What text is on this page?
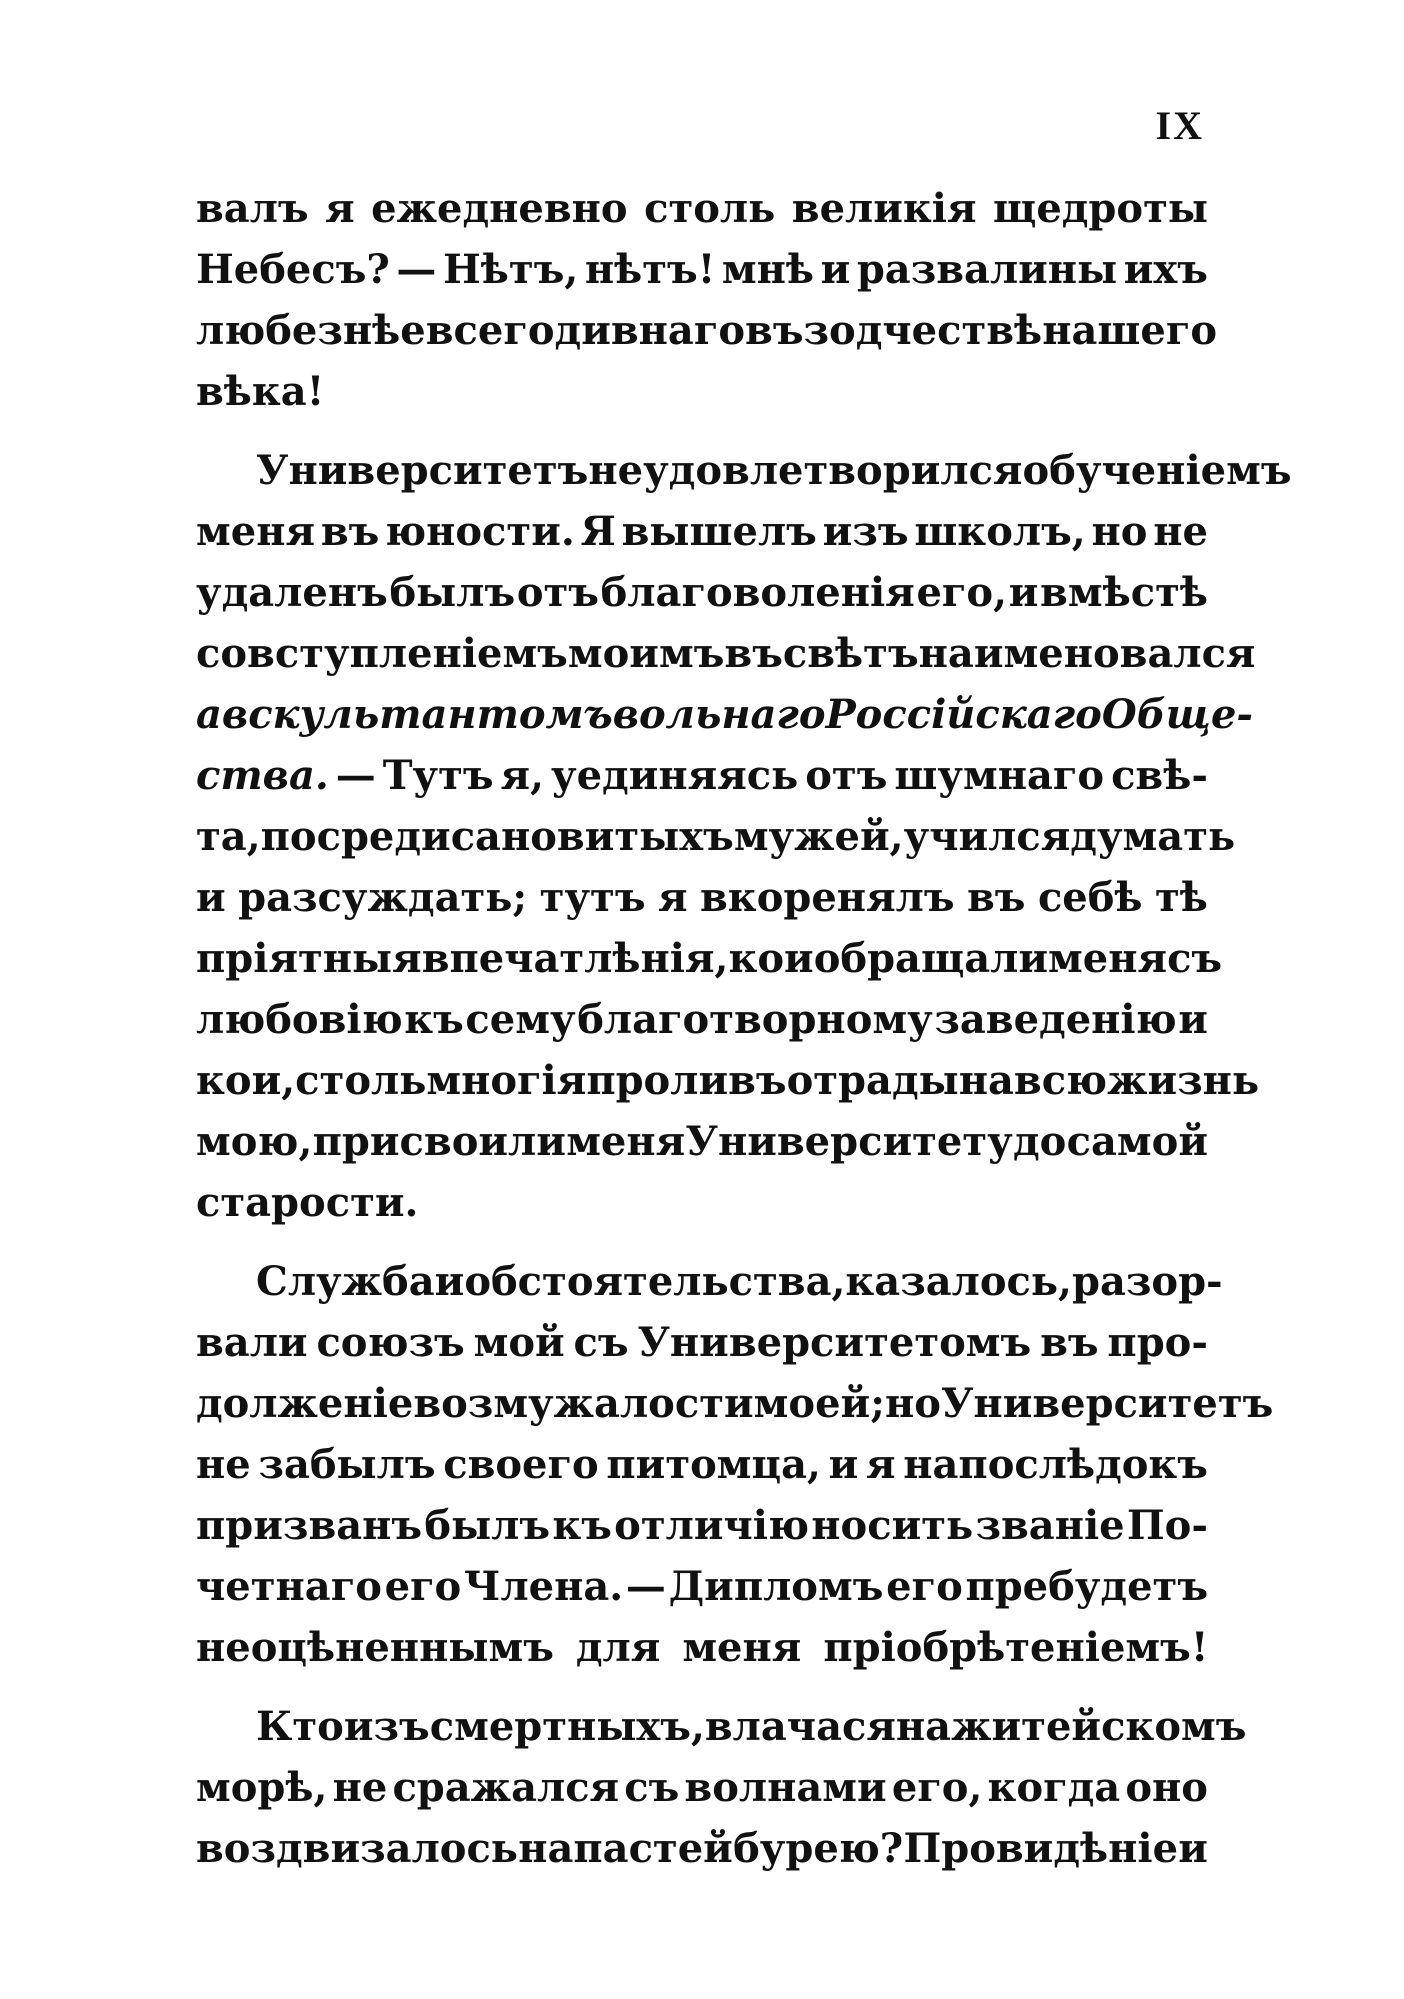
IX
валъ я ежедневно столь великія щедроты
Небесъ? — Нѣтъ, нѣтъ! мнѣ и развалины ихъ
любезнѣе всего дивнаго въ зодчествѣ нашего
вѣка!
Университетъ не удовлетворился обученіемъ
меня въ юности. Я вышелъ изъ школъ, но не
удаленъ былъ отъ благоволенія его, и вмѣстѣ
со вступленіемъ моимъ въ свѣтъ наименовался
авскультантомъ вольнаго Россійскаго Обще-
ства. — Тутъ я, уединяясь отъ шумнаго свѣ-
та, посреди сановитыхъ мужей, учился думать
и разсуждать; тутъ я вкоренялъ въ себѣ тѣ
пріятныя впечатлѣнія, кои обращали меня съ
любовію къ сему благотворному заведенію и
кои, столь многія проливъ отрады на всю жизнь
мою, присвоили меня Университету до самой
старости.
Служба и обстоятельства, казалось, разор-
вали союзъ мой съ Университетомъ въ про-
долженіе возмужалости моей; но Университетъ
не забылъ своего питомца, и я напослѣдокъ
призванъ былъ къ отличію носить званіе По-
четнаго его Члена. — Дипломъ его пребудетъ
неоцѣненнымъ для меня пріобрѣтеніемъ!
Кто изъ смертныхъ, влачася на житейскомъ
морѣ, не сражался съ волнами его, когда оно
воздвизалось напастей бурею? Провидѣніе и
